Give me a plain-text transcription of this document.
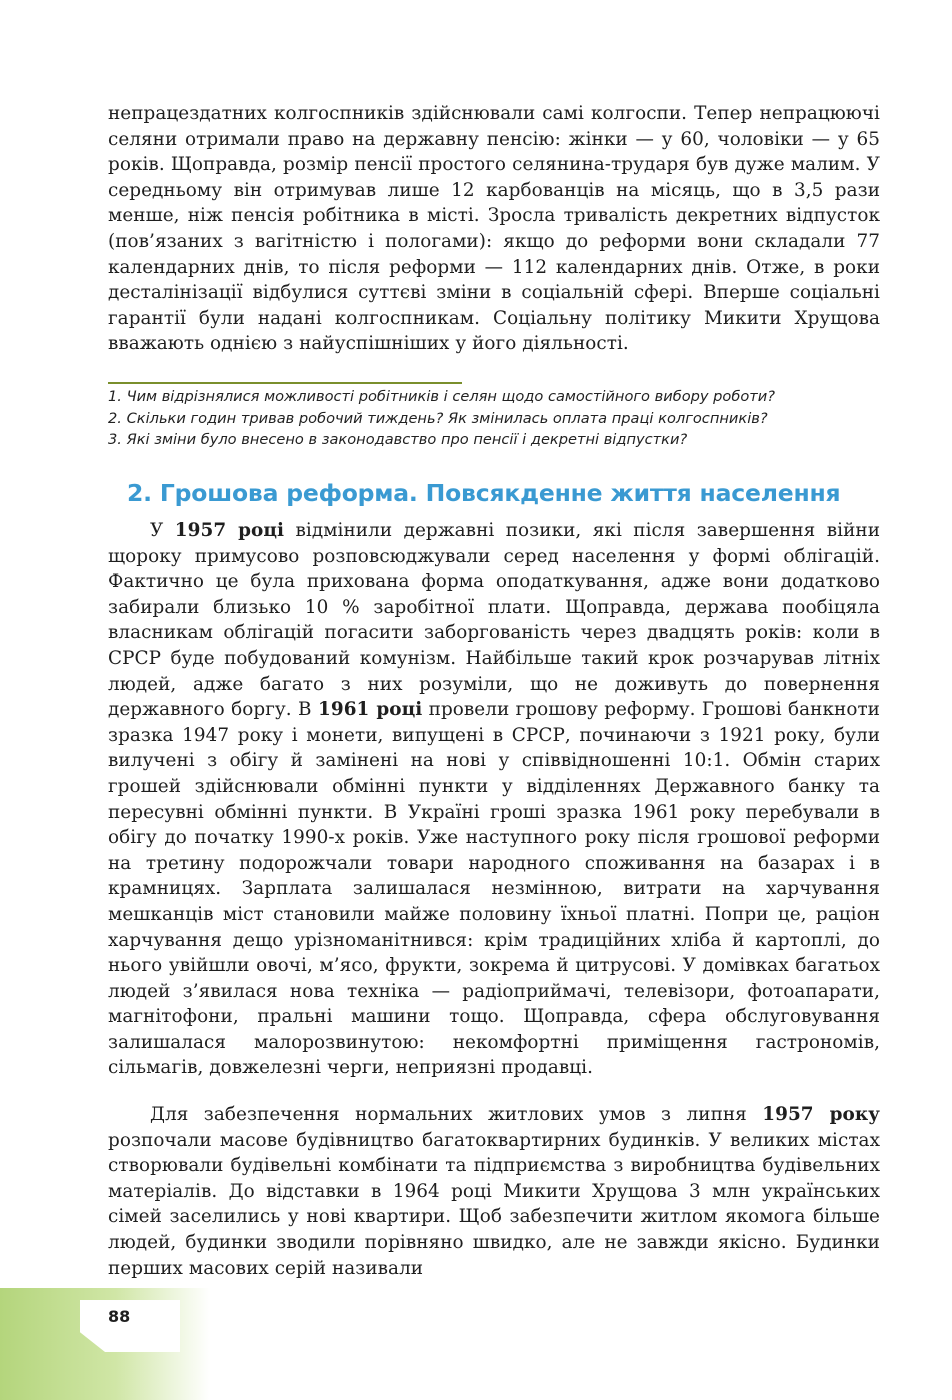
непрацездатних колгоспників здійснювали самі колгоспи. Тепер непрацюючі селяни отримали право на державну пенсію: жінки — у 60, чоловіки — у 65 років. Щоправда, розмір пенсії простого селянина-трударя був дуже малим. У середньому він отримував лише 12 карбованців на місяць, що в 3,5 рази менше, ніж пенсія робітника в місті. Зросла тривалість декретних відпусток (пов’язаних з вагітністю і пологами): якщо до реформи вони складали 77 календарних днів, то після реформи — 112 календарних днів. Отже, в роки десталінізації відбулися суттєві зміни в соціальній сфері. Вперше соціальні гарантії були надані колгоспникам. Соціальну політику Микити Хрущова вважають однією з найуспішніших у його діяльності.

1. Чим відрізнялися можливості робітників і селян щодо самостійного вибору роботи?
2. Скільки годин тривав робочий тиждень? Як змінилась оплата праці колгоспників?
3. Які зміни було внесено в законодавство про пенсії і декретні відпустки?
2. Грошова реформа. Повсякденне життя населення

У 1957 році відмінили державні позики, які після завершення війни щороку примусово розповсюджували серед населення у формі облігацій. Фактично це була прихована форма оподаткування, адже вони додатково забирали близько 10 % заробітної плати. Щоправда, держава пообіцяла власникам облігацій погасити заборгованість через двадцять років: коли в СРСР буде побудований комунізм. Найбільше такий крок розчарував літніх людей, адже багато з них розуміли, що не доживуть до повернення державного боргу. В 1961 році провели грошову реформу. Грошові банкноти зразка 1947 року і монети, випущені в СРСР, починаючи з 1921 року, були вилучені з обігу й замінені на нові у співвідношенні 10:1. Обмін старих грошей здійснювали обмінні пункти у відділеннях Державного банку та пересувні обмінні пункти. В Україні гроші зразка 1961 року перебували в обігу до початку 1990-х років. Уже наступного року після грошової реформи на третину подорожчали товари народного споживання на базарах і в крамницях. Зарплата залишалася незмінною, витрати на харчування мешканців міст становили майже половину їхньої платні. Попри це, раціон харчування дещо урізноманітнився: крім традиційних хліба й картоплі, до нього увійшли овочі, м’ясо, фрукти, зокрема й цитрусові. У домівках багатьох людей з’явилася нова техніка — радіоприймачі, телевізори, фотоапарати, магнітофони, пральні машини тощо. Щоправда, сфера обслуговування залишалася малорозвинутою: некомфортні приміщення гастрономів, сільмагів, довжелезні черги, неприязні продавці.

Для забезпечення нормальних житлових умов з липня 1957 року розпочали масове будівництво багатоквартирних будинків. У великих містах створювали будівельні комбінати та підприємства з виробництва будівельних матеріалів. До відставки в 1964 році Микити Хрущова 3 млн українських сімей заселились у нові квартири. Щоб забезпечити житлом якомога більше людей, будинки зводили порівняно швидко, але не завжди якісно. Будинки перших масових серій називали

88
